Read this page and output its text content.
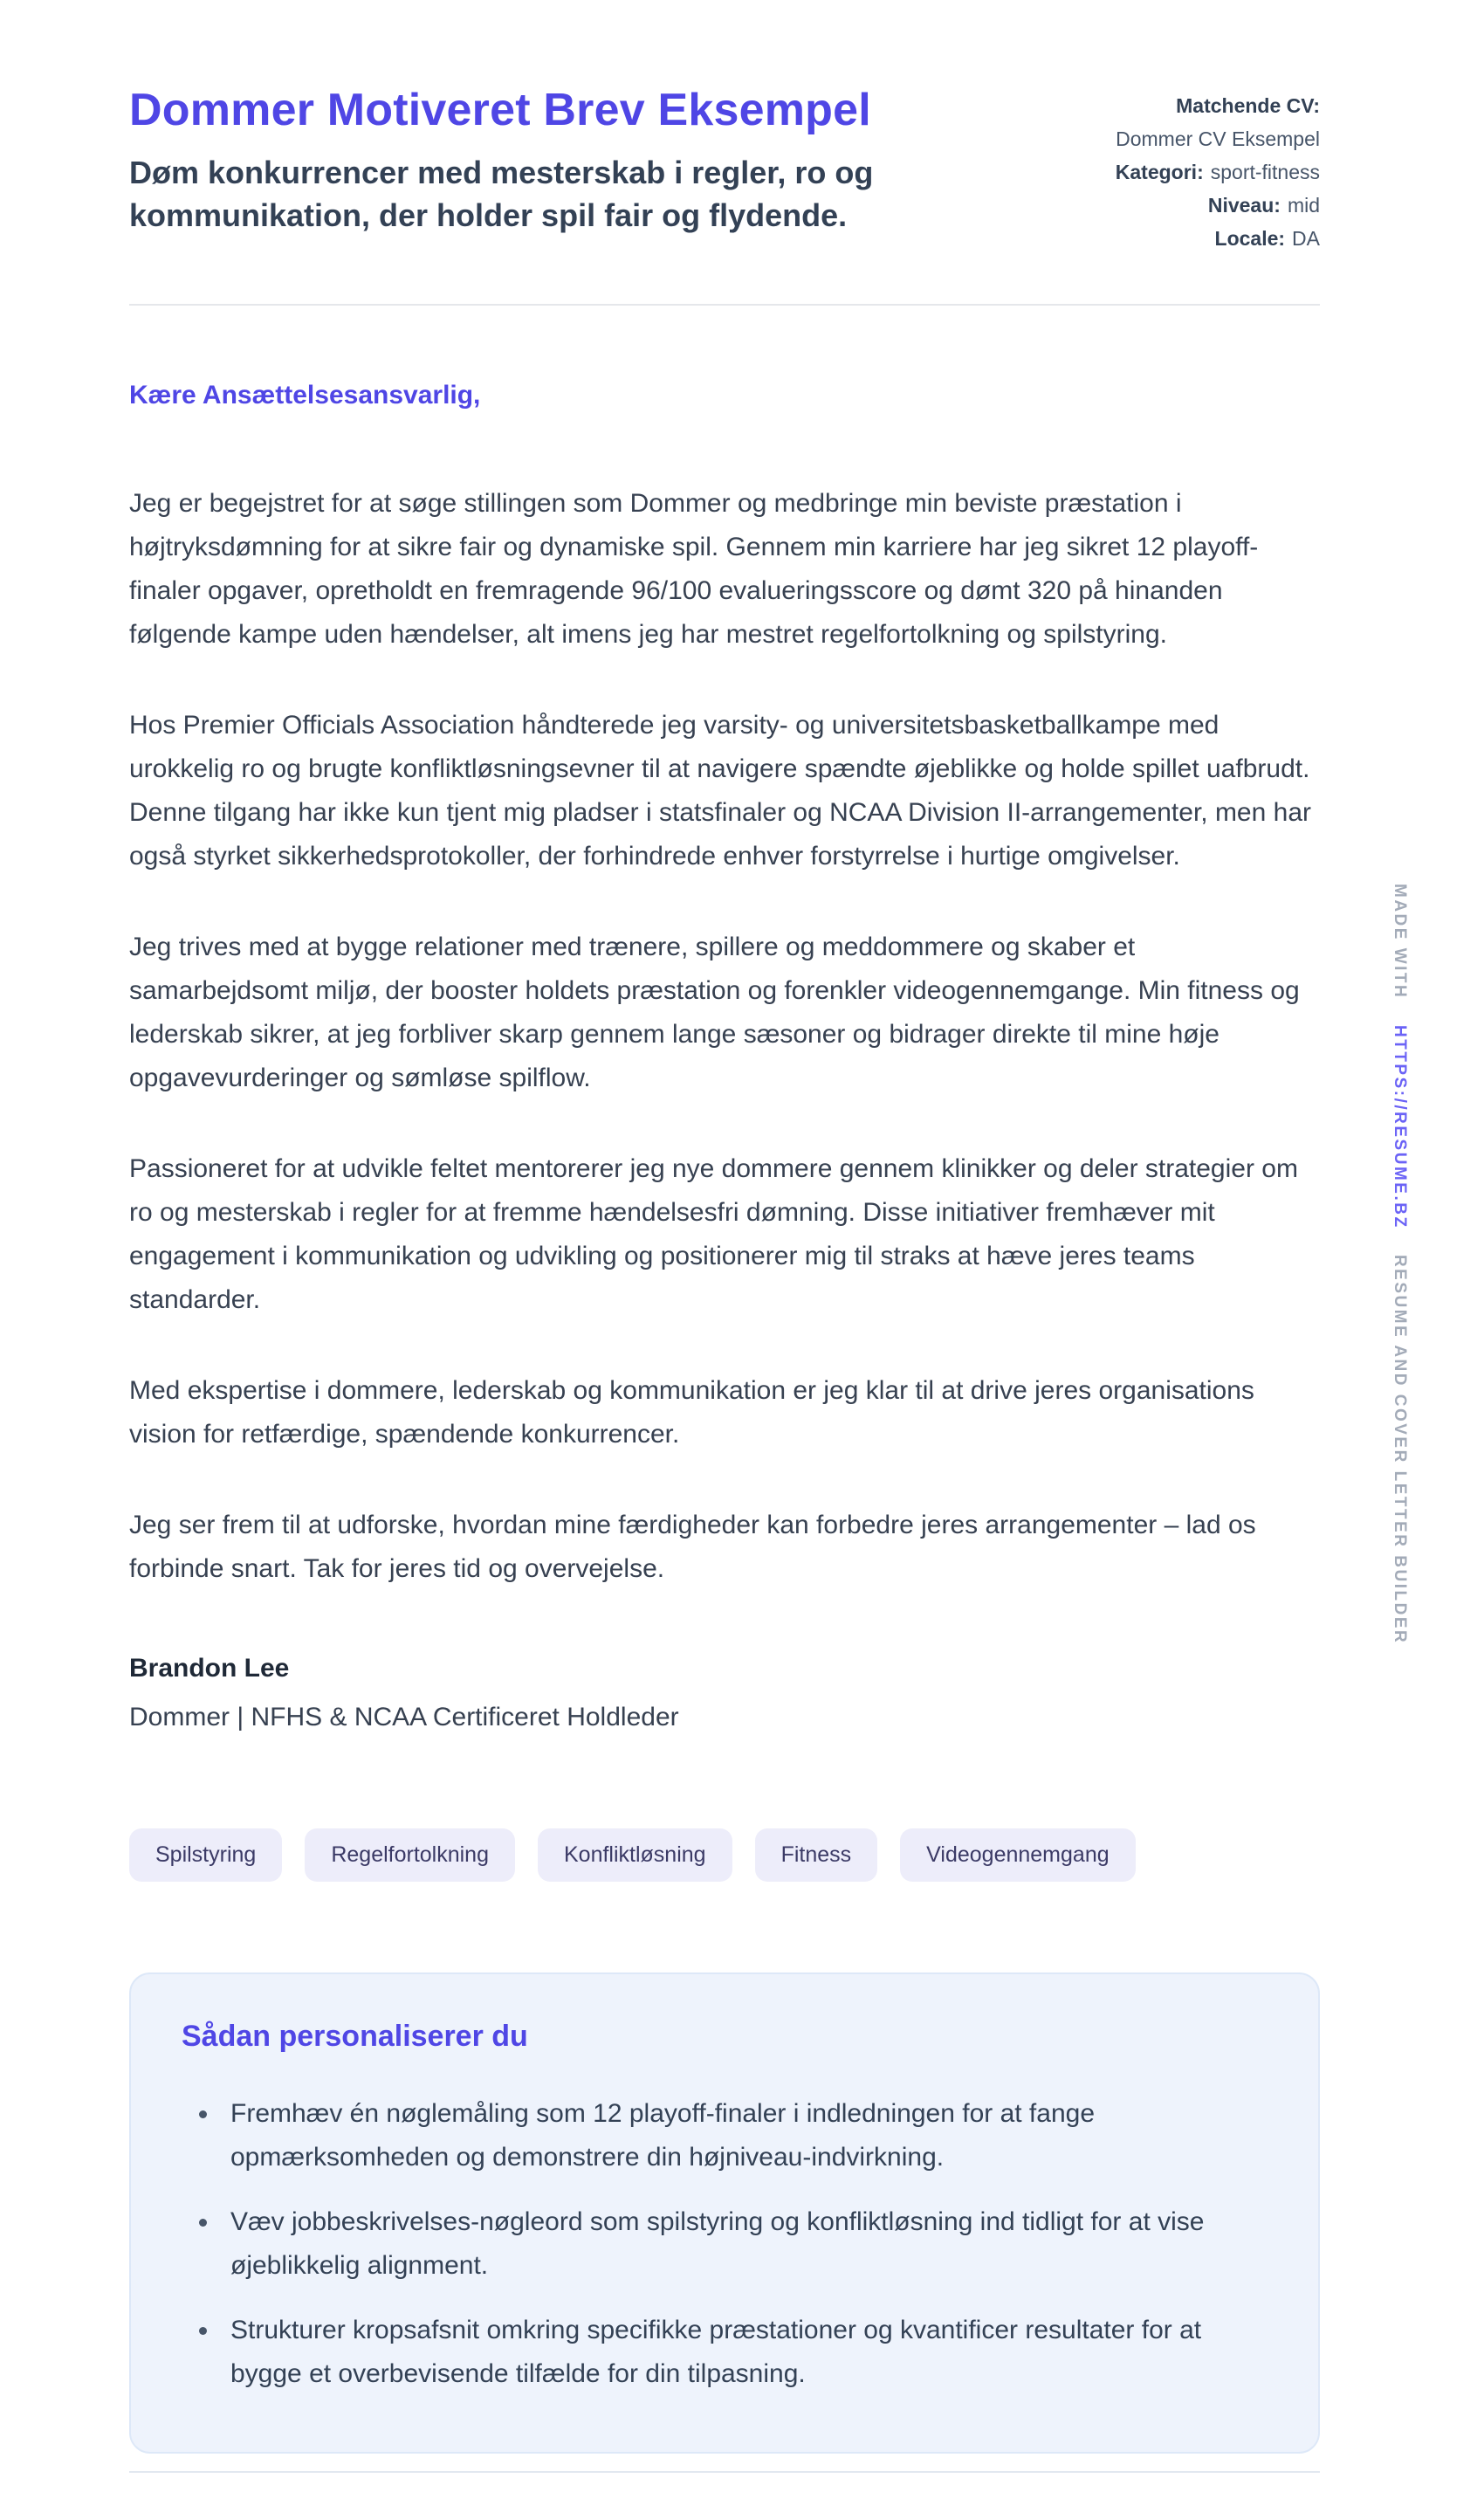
Dommer Motiveret Brev Eksempel
Døm konkurrencer med mesterskab i regler, ro og kommunikation, der holder spil fair og flydende.
Matchende CV:
Dommer CV Eksempel
Kategori: sport-fitness
Niveau: mid
Locale: DA

Kære Ansættelsesansvarlig,

Jeg er begejstret for at søge stillingen som Dommer og medbringe min beviste præstation i højtryksdømning for at sikre fair og dynamiske spil. Gennem min karriere har jeg sikret 12 playoff-finaler opgaver, opretholdt en fremragende 96/100 evalueringsscore og dømt 320 på hinanden følgende kampe uden hændelser, alt imens jeg har mestret regelfortolkning og spilstyring.

Hos Premier Officials Association håndterede jeg varsity- og universitetsbasketballkampe med urokkelig ro og brugte konfliktløsningsevner til at navigere spændte øjeblikke og holde spillet uafbrudt. Denne tilgang har ikke kun tjent mig pladser i statsfinaler og NCAA Division II-arrangementer, men har også styrket sikkerhedsprotokoller, der forhindrede enhver forstyrrelse i hurtige omgivelser.

Jeg trives med at bygge relationer med trænere, spillere og meddommere og skaber et samarbejdsomt miljø, der booster holdets præstation og forenkler videogennemgange. Min fitness og lederskab sikrer, at jeg forbliver skarp gennem lange sæsoner og bidrager direkte til mine høje opgavevurderinger og sømløse spilflow.

Passioneret for at udvikle feltet mentorerer jeg nye dommere gennem klinikker og deler strategier om ro og mesterskab i regler for at fremme hændelsesfri dømning. Disse initiativer fremhæver mit engagement i kommunikation og udvikling og positionerer mig til straks at hæve jeres teams standarder.

Med ekspertise i dommere, lederskab og kommunikation er jeg klar til at drive jeres organisations vision for retfærdige, spændende konkurrencer.

Jeg ser frem til at udforske, hvordan mine færdigheder kan forbedre jeres arrangementer – lad os forbinde snart. Tak for jeres tid og overvejelse.

Brandon Lee
Dommer | NFHS & NCAA Certificeret Holdleder
Spilstyring	Regelfortolkning	Konfliktløsning	Fitness	Videogennemgang
Sådan personaliserer du
• Fremhæv én nøglemåling som 12 playoff-finaler i indledningen for at fange opmærksomheden og demonstrere din højniveau-indvirkning.
• Væv jobbeskrivelses-nøgleord som spilstyring og konfliktløsning ind tidligt for at vise øjeblikkelig alignment.
• Strukturer kropsafsnit omkring specifikke præstationer og kvantificer resultater for at bygge et overbevisende tilfælde for din tilpasning.
MADE WITH  HTTPS://RESUME.BZ  RESUME AND COVER LETTER BUILDER
